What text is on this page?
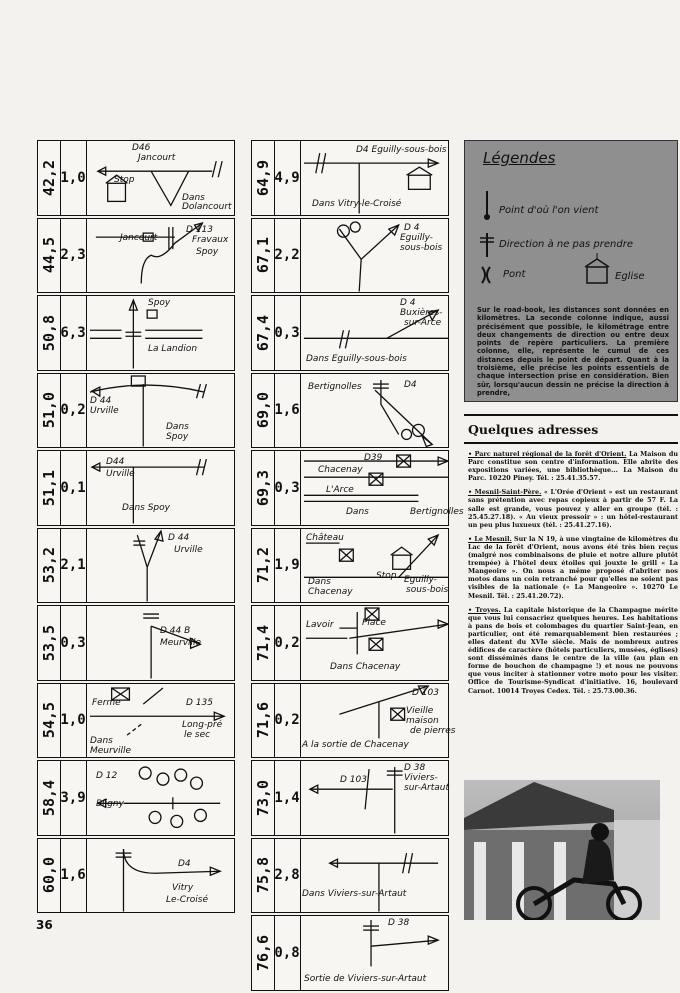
42,2 1,0
D46
Jancourt
Stop
Dans
Dolancourt
44,5 2,3
Jancourt
D 113
Fravaux
Spoy
50,8 6,3
Spoy
La Landion
51,0 0,2
D 44
Urville
Dans
Spoy
51,1 0,1
D44
Urville
Dans Spoy
53,2 2,1
D 44
Urville
53,5 0,3
D 44 B
Meurville
54,5 1,0
Ferme	D 135
Long-pré
le sec
Dans
Meurville
58,4 3,9
D 12
Bligny
60,0 1,6
D4
Vitry
Le-Croisé
64,9 4,9
D4 Eguilly-sous-bois
Dans Vitry-le-Croisé
67,1 2,2
D 4
Eguilly-
sous-bois
67,4 0,3
D 4
Buxières-
sur-Arce
Dans Eguilly-sous-bois
69,0 1,6
Bertignolles	D4
69,3 0,3
D39
Chacenay
L'Arce
Dans	Bertignolles
71,2 1,9
Château
Stop
Dans
Chacenay
Eguilly-
sous-bois
71,4 0,2
Lavoir	Place
Dans Chacenay
71,6 0,2
D 103
Vieille
maison
de pierres
A la sortie de Chacenay
73,0 1,4
D 103
D 38
Viviers-
sur-Artaut
75,8 2,8
Dans Viviers-sur-Artaut
76,6 0,8
D 38
Sortie de Viviers-sur-Artaut
Légendes
Point d'où l'on vient
Direction à ne pas prendre
Pont	Eglise

Sur le road-book, les distances sont données en kilomètres. La seconde colonne indique, aussi précisément que possible, le kilométrage entre deux changements de direction ou entre deux points de repère particuliers. La première colonne, elle, représente le cumul de ces distances depuis le point de départ. Quant à la troisième, elle précise les points essentiels de chaque intersection prise en considération. Bien sûr, lorsqu'aucun dessin ne précise la direction à prendre,

Quelques adresses

• Parc naturel régional de la forêt d'Orient. La Maison du Parc constitue son centre d'information. Elle abrite des expositions variées, une bibliothèque... La Maison du Parc. 10220 Piney. Tél. : 25.41.35.57.

• Mesnil-Saint-Père. « L'Orée d'Orient » est un restaurant sans prétention avec repas copieux à partir de 57 F. La salle est grande, vous pouvez y aller en groupe (tél. : 25.45.27.18). « Au vieux pressoir » : un hôtel-restaurant un peu plus luxueux (tél. : 25.41.27.16).

• Le Mesnil. Sur la N 19, à une vingtaine de kilomètres du Lac de la forêt d'Orient, nous avons été très bien reçus (malgré nos combinaisons de pluie et notre allure plutôt trempée) à l'hôtel deux étoiles qui jouxte le grill « La Mangeoire ». On nous a même proposé d'abriter nos motos dans un coin retranché pour qu'elles ne soient pas visibles de la nationale (« La Mangeoire ». 10270 Le Mesnil. Tél. : 25.41.20.72).

• Troyes. La capitale historique de la Champagne mérite que vous lui consacriez quelques heures. Les habitations à pans de bois et colombages du quartier Saint-Jean, en particulier, ont été remarquablement bien restaurées ; elles datent du XVIe siècle. Mais de nombreux autres édifices de caractère (hôtels particuliers, musées, églises) sont disséminés dans le centre de la ville (au plan en forme de bouchon de champagne !) et nous ne pouvons que vous inciter à stationner votre moto pour les visiter. Office de Tourisme-Syndicat d'initiative. 16, boulevard Carnot. 10014 Troyes Cedex. Tél. : 25.73.00.36.

36
